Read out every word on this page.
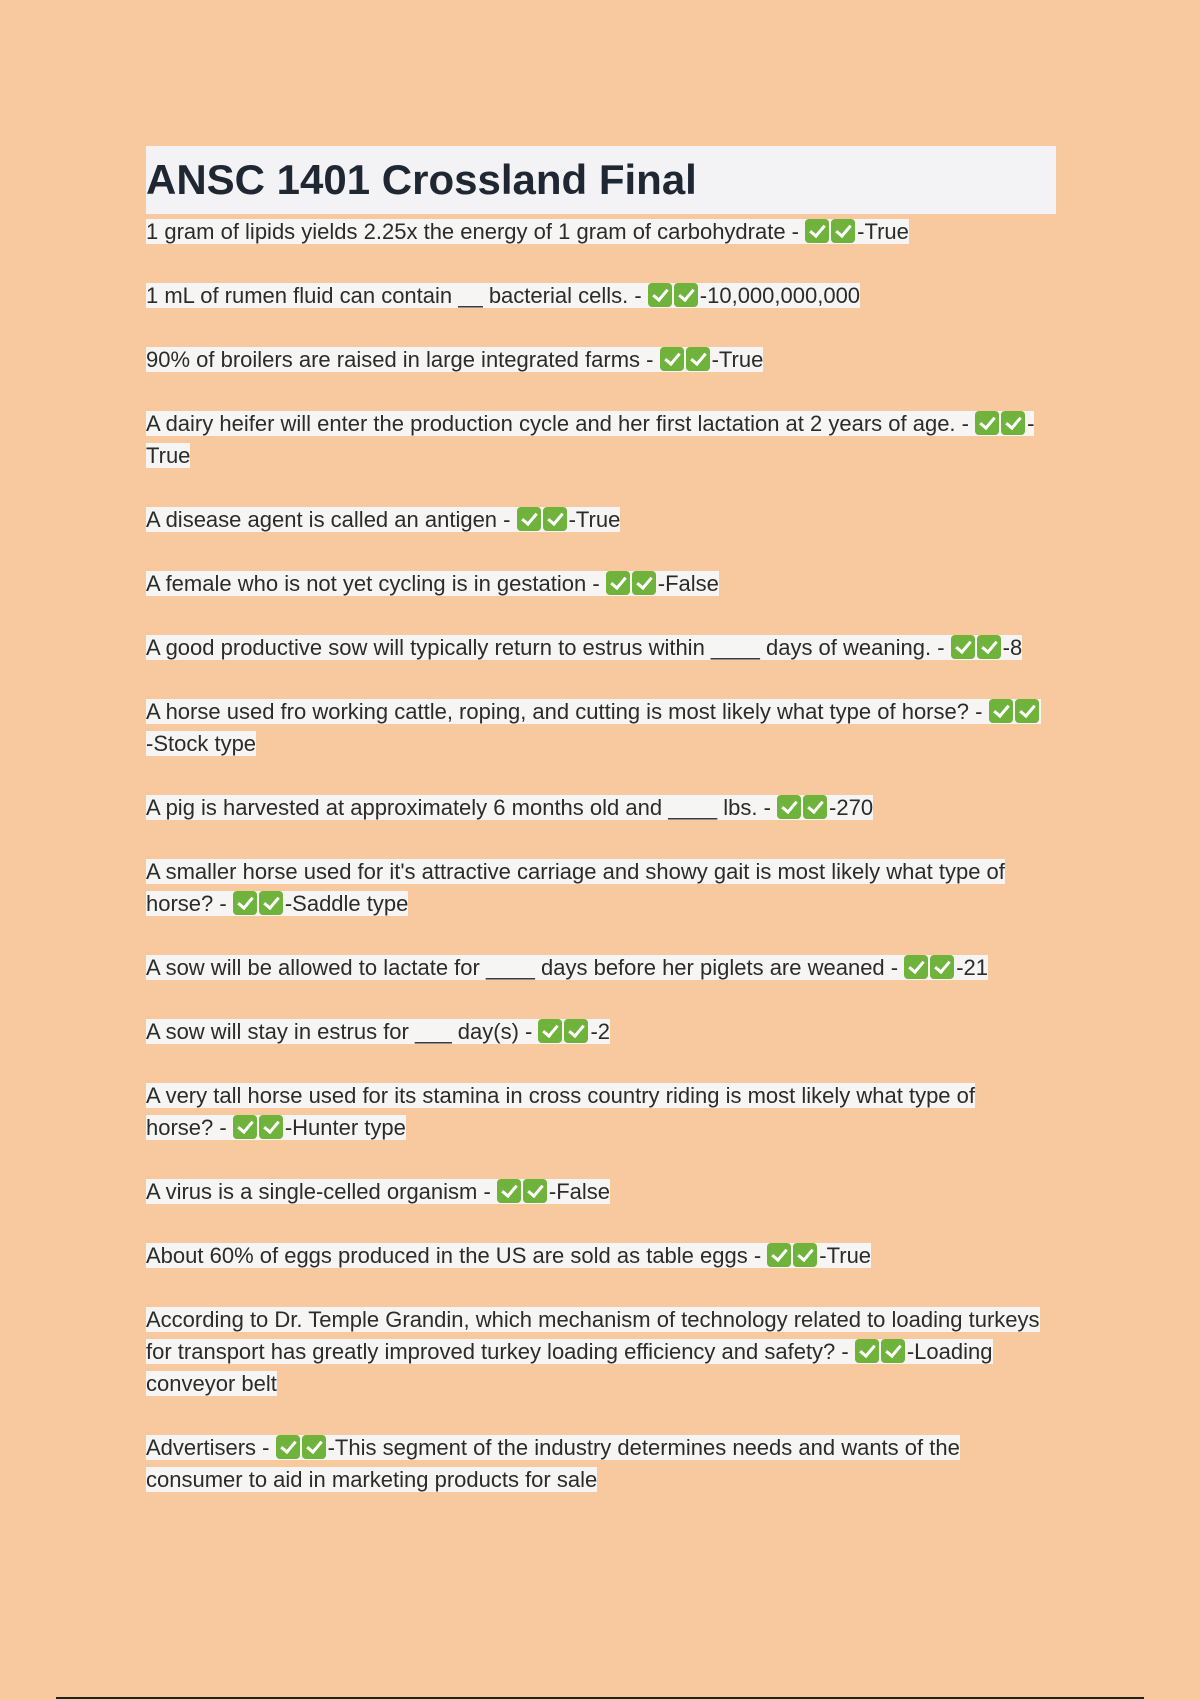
ANSC 1401 Crossland Final

1 gram of lipids yields 2.25x the energy of 1 gram of carbohydrate - -True

1 mL of rumen fluid can contain __ bacterial cells. - -10,000,000,000

90% of broilers are raised in large integrated farms - -True

A dairy heifer will enter the production cycle and her first lactation at 2 years of age. - -True

A disease agent is called an antigen - -True

A female who is not yet cycling is in gestation - -False

A good productive sow will typically return to estrus within ____ days of weaning. - -8

A horse used fro working cattle, roping, and cutting is most likely what type of horse? - -Stock type

A pig is harvested at approximately 6 months old and ____ lbs. - -270

A smaller horse used for it's attractive carriage and showy gait is most likely what type of horse? - -Saddle type

A sow will be allowed to lactate for ____ days before her piglets are weaned - -21

A sow will stay in estrus for ___ day(s) - -2

A very tall horse used for its stamina in cross country riding is most likely what type of horse? - -Hunter type

A virus is a single-celled organism - -False

About 60% of eggs produced in the US are sold as table eggs - -True

According to Dr. Temple Grandin, which mechanism of technology related to loading turkeys for transport has greatly improved turkey loading efficiency and safety? - -Loading conveyor belt

Advertisers - -This segment of the industry determines needs and wants of the consumer to aid in marketing products for sale
